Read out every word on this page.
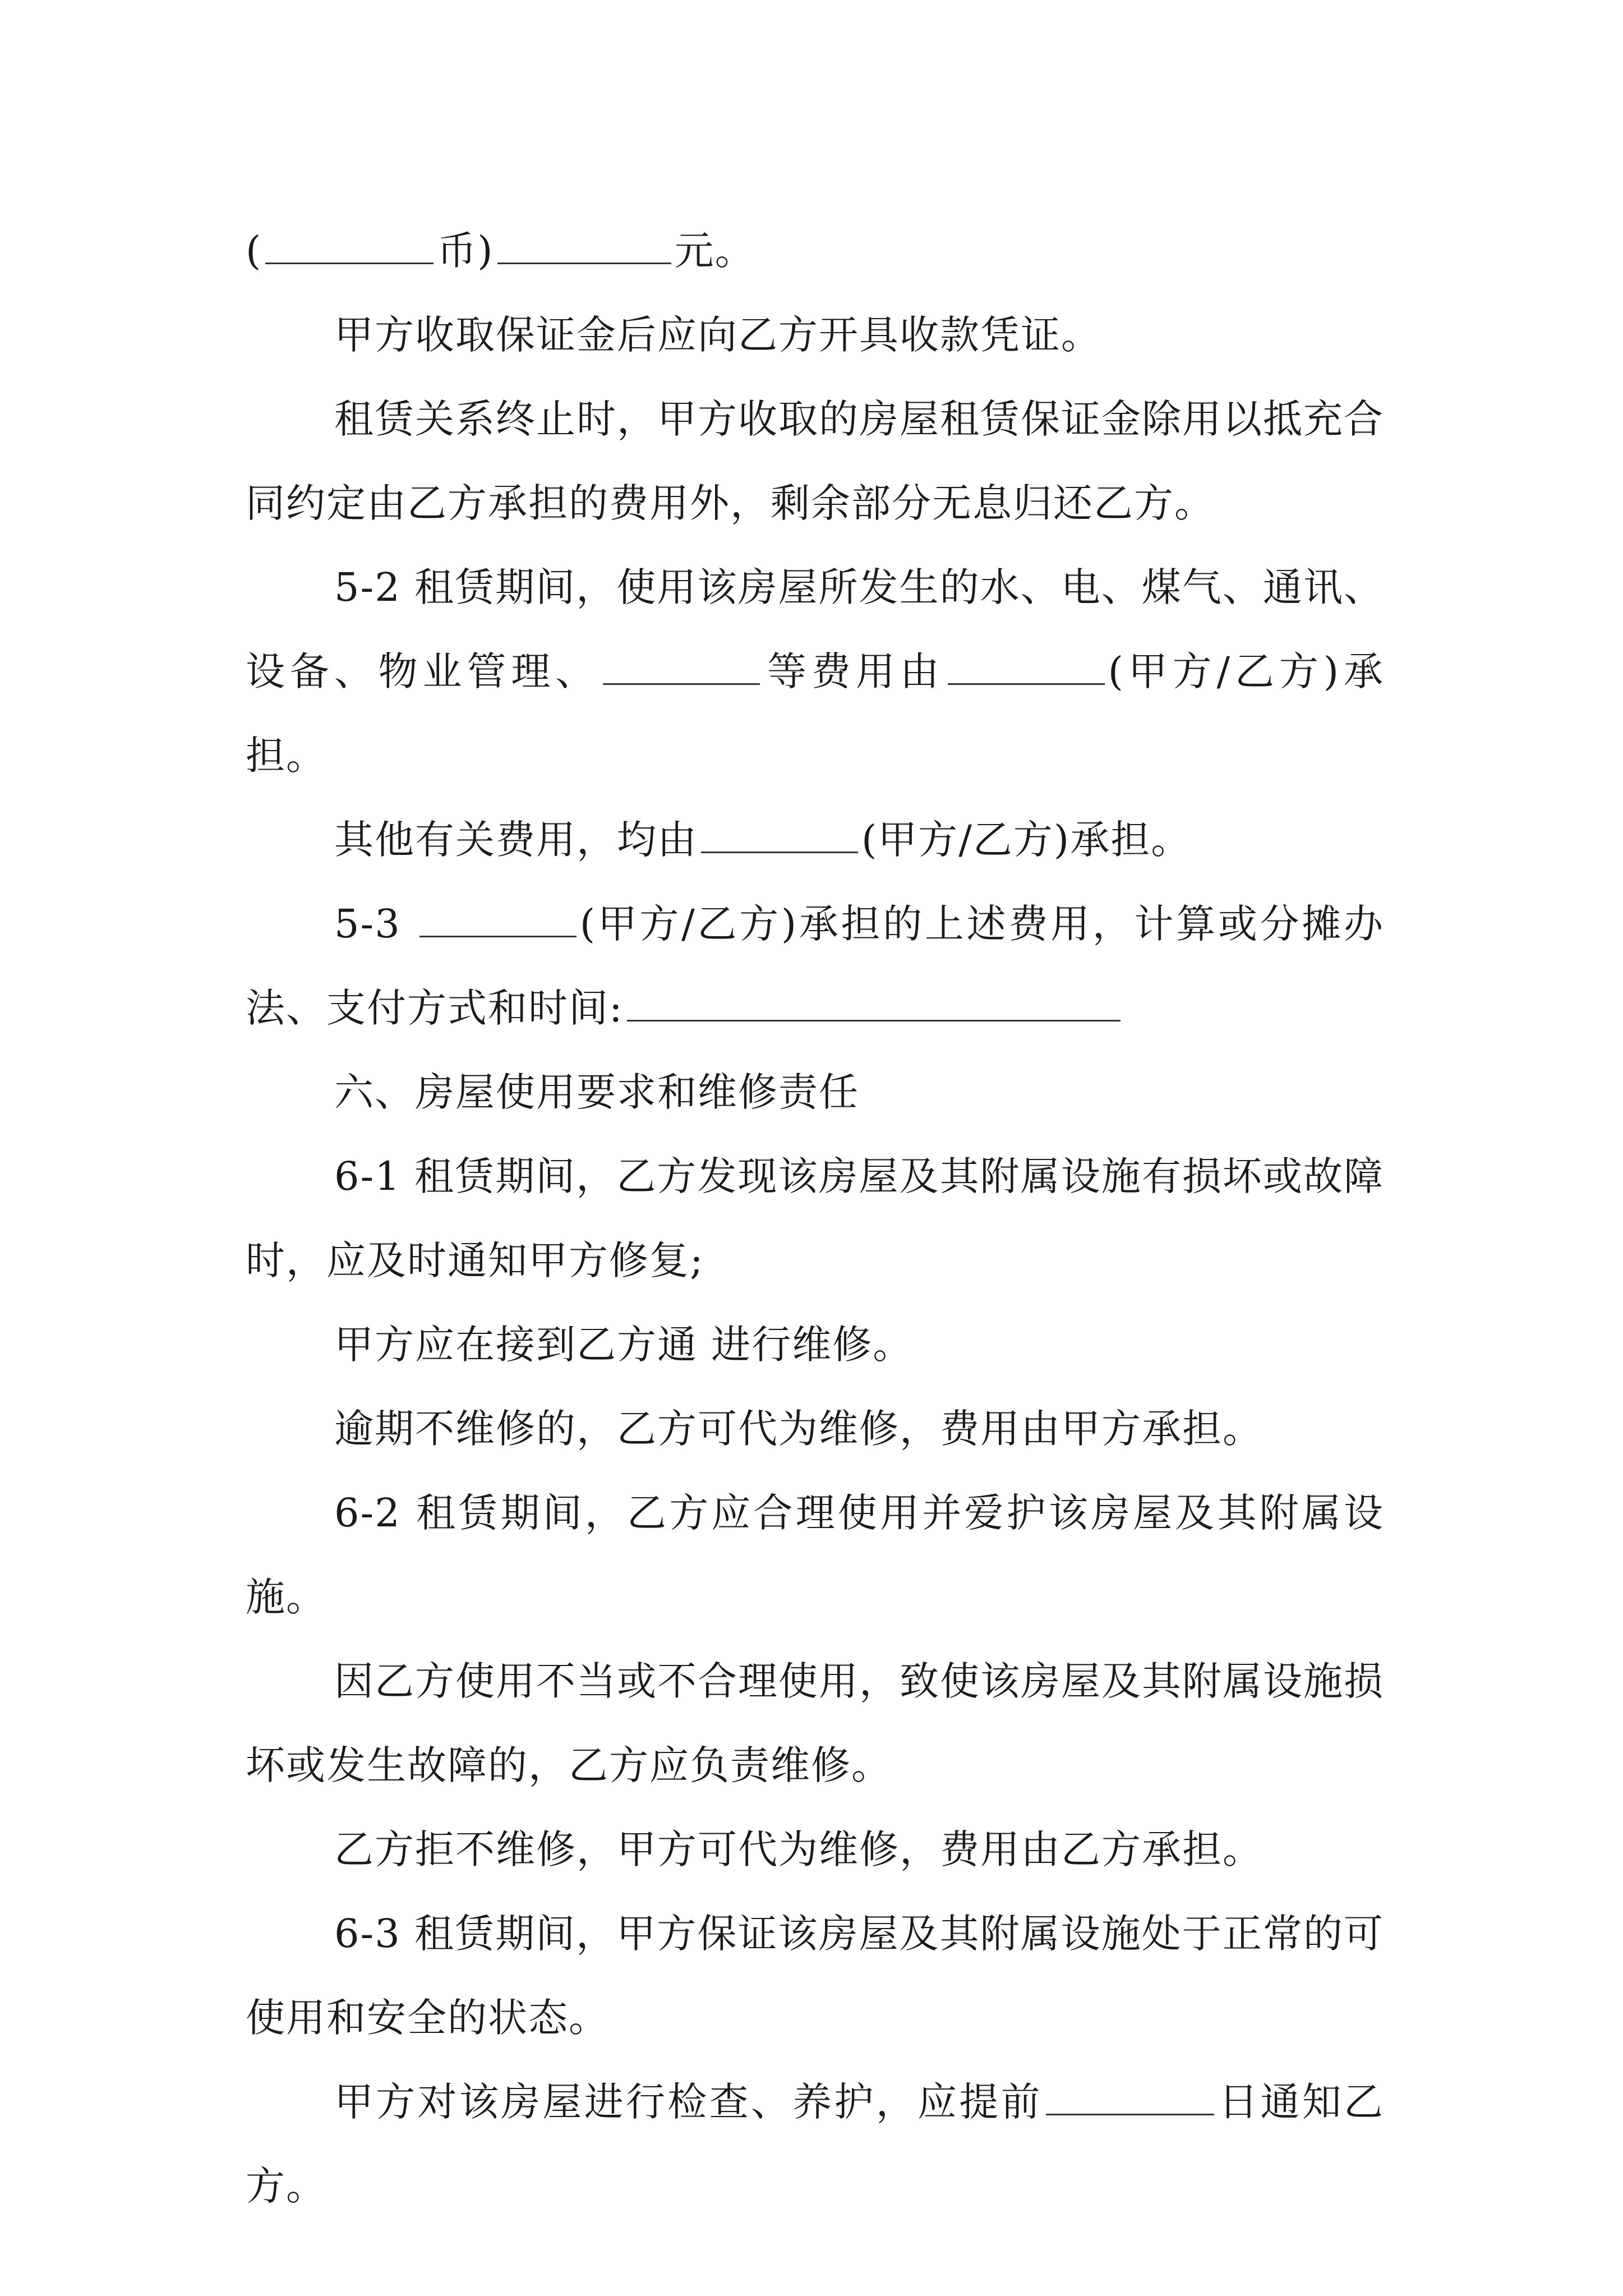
(	币)	元。

甲方收取保证金后应向乙方开具收款凭证。

租赁关系终止时，甲方收取的房屋租赁保证金除用以抵充合同约定由乙方承担的费用外，剩余部分无息归还乙方。

5-2 租赁期间，使用该房屋所发生的水、电、煤气、通讯、设备、物业管理、	等费用由	(甲方/乙方)承担。

其他有关费用，均由	(甲方/乙方)承担。

5-3	(甲方/乙方)承担的上述费用，计算或分摊办法、支付方式和时间:

六、房屋使用要求和维修责任

6-1 租赁期间，乙方发现该房屋及其附属设施有损坏或故障时，应及时通知甲方修复;

甲方应在接到乙方通 进行维修。

逾期不维修的，乙方可代为维修，费用由甲方承担。

6-2 租赁期间，乙方应合理使用并爱护该房屋及其附属设施。

因乙方使用不当或不合理使用，致使该房屋及其附属设施损坏或发生故障的，乙方应负责维修。

乙方拒不维修，甲方可代为维修，费用由乙方承担。

6-3 租赁期间，甲方保证该房屋及其附属设施处于正常的可使用和安全的状态。

甲方对该房屋进行检查、养护，应提前	日通知乙方。
